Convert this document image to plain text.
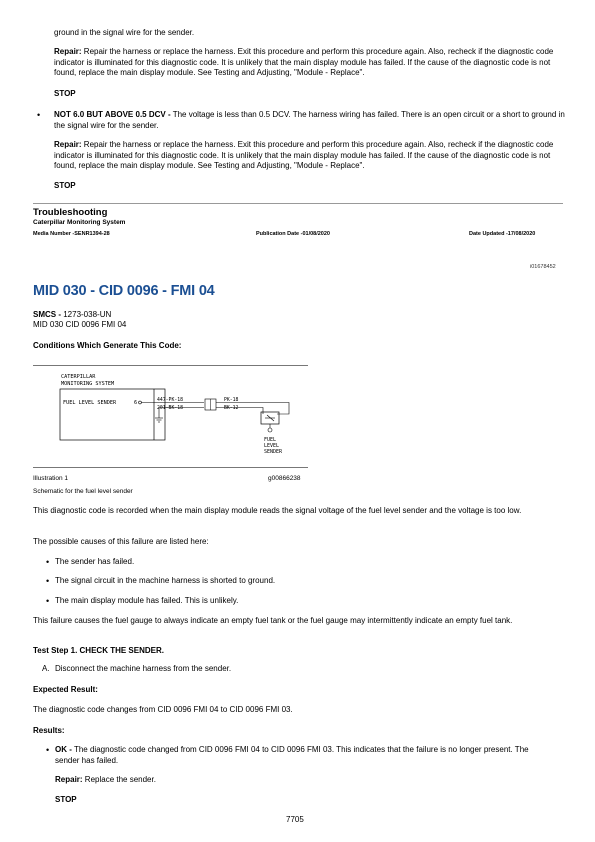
ground in the signal wire for the sender.

Repair: Repair the harness or replace the harness. Exit this procedure and perform this procedure again. Also, recheck if the diagnostic code indicator is illuminated for this diagnostic code. It is unlikely that the main display module has failed. If the cause of the diagnostic code is not found, replace the main display module. See Testing and Adjusting, "Module - Replace".

STOP

• NOT 6.0 BUT ABOVE 0.5 DCV - The voltage is less than 0.5 DCV. The harness wiring has failed. There is an open circuit or a short to ground in the signal wire for the sender.

Repair: Repair the harness or replace the harness. Exit this procedure and perform this procedure again. Also, recheck if the diagnostic code indicator is illuminated for this diagnostic code. It is unlikely that the main display module has failed. If the cause of the diagnostic code is not found, replace the main display module. See Testing and Adjusting, "Module - Replace".

STOP

Troubleshooting

Caterpillar Monitoring System

Media Number -SENR1394-28	Publication Date -01/08/2020	Date Updated -17/08/2020

i01678452

MID 030 - CID 0096 - FMI 04

SMCS - 1273-038-UN

MID 030 CID 0096 FMI 04

Conditions Which Generate This Code:

CATERPILLAR
MONITORING SYSTEM
FUEL LEVEL SENDER	6	447-PK-18
201-BK-18
PK-18
BK-12
FUEL
LEVEL
SENDER

Illustration 1	g00866238

Schematic for the fuel level sender

This diagnostic code is recorded when the main display module reads the signal voltage of the fuel level sender and the voltage is too low.

The possible causes of this failure are listed here:

• The sender has failed.

• The signal circuit in the machine harness is shorted to ground.

• The main display module has failed. This is unlikely.

This failure causes the fuel gauge to always indicate an empty fuel tank or the fuel gauge may intermittently indicate an empty fuel tank.

Test Step 1. CHECK THE SENDER.

A. Disconnect the machine harness from the sender.

Expected Result:

The diagnostic code changes from CID 0096 FMI 04 to CID 0096 FMI 03.

Results:

• OK - The diagnostic code changed from CID 0096 FMI 04 to CID 0096 FMI 03. This indicates that the failure is no longer present. The sender has failed.

Repair: Replace the sender.

STOP

7705
